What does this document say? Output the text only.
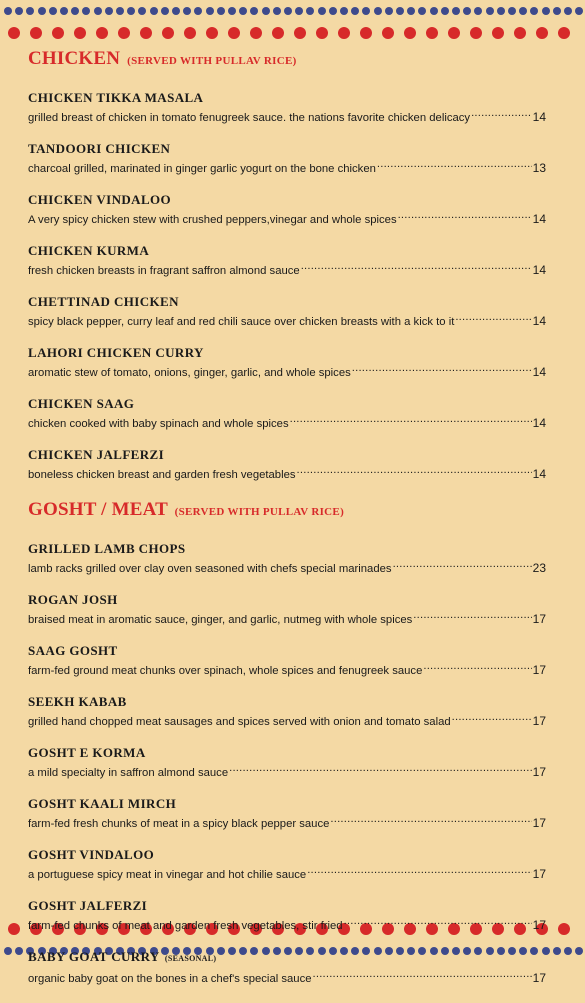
CHICKEN (SERVED WITH PULLAV RICE)
CHICKEN TIKKA MASALA
grilled breast of chicken in tomato fenugreek sauce. the nations favorite chicken delicacy .....	14
TANDOORI CHICKEN
charcoal grilled, marinated in ginger garlic yogurt on the bone chicken .....	13
CHICKEN VINDALOO
A very spicy chicken stew with crushed peppers,vinegar and whole spices .....	14
CHICKEN KURMA
fresh chicken breasts in fragrant saffron almond sauce .....	14
CHETTINAD CHICKEN
spicy black pepper, curry leaf and red chili sauce over chicken breasts with a kick to it .....	14
LAHORI CHICKEN CURRY
aromatic stew of tomato, onions, ginger, garlic, and whole spices .....	14
CHICKEN SAAG
chicken cooked with baby spinach and whole spices .....	14
CHICKEN JALFERZI
boneless chicken breast and garden fresh vegetables .....	14
GOSHT / MEAT (SERVED WITH PULLAV RICE)
GRILLED LAMB CHOPS
lamb racks grilled over clay oven seasoned with chefs special marinades .....	23
ROGAN JOSH
braised meat in aromatic sauce, ginger, and garlic, nutmeg with whole spices .....	17
SAAG GOSHT
farm-fed ground meat chunks over spinach, whole spices and fenugreek sauce .....	17
SEEKH KABAB
grilled hand chopped meat sausages and spices served with onion and tomato salad .....	17
GOSHT E KORMA
a mild specialty in saffron almond sauce .....	17
GOSHT KAALI MIRCH
farm-fed fresh chunks of meat in a spicy black pepper sauce .....	17
GOSHT VINDALOO
a portuguese spicy meat in vinegar and hot chilie sauce .....	17
GOSHT JALFERZI
farm-fed chunks of meat and garden fresh vegetables, stir fried .....	17
BABY GOAT CURRY (SEASONAL)
organic baby goat on the bones in a chef's special sauce .....	17
